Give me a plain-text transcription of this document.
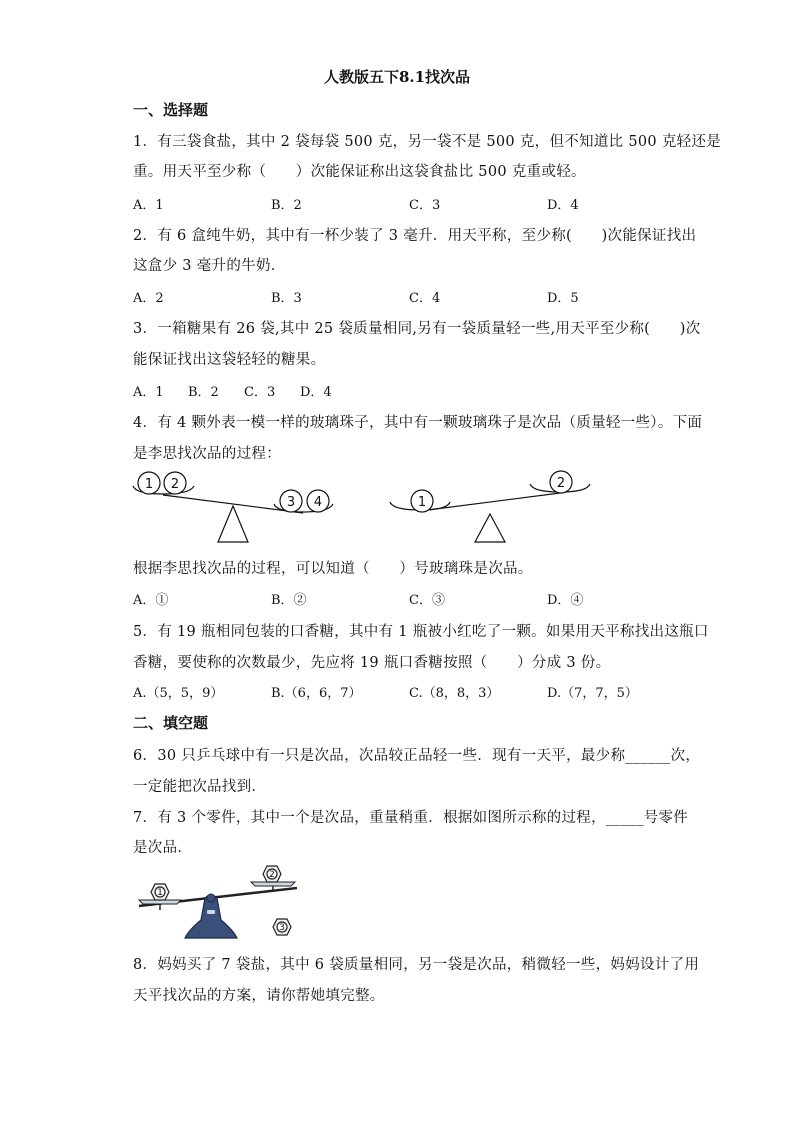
人教版五下8.1找次品
一、选择题
1．有三袋食盐，其中 2 袋每袋 500 克，另一袋不是 500 克，但不知道比 500 克轻还是
重。用天平至少称（　　）次能保证称出这袋食盐比 500 克重或轻。
A．1	B．2	C．3	D．4
2．有 6 盒纯牛奶，其中有一杯少装了 3 毫升．用天平称，至少称(　　)次能保证找出
这盒少 3 毫升的牛奶．
A．2	B．3	C．4	D．5
3．一箱糖果有 26 袋,其中 25 袋质量相同,另有一袋质量轻一些,用天平至少称(　　)次
能保证找出这袋轻轻的糖果。
A．1 B．2 C．3 D．4
4．有 4 颗外表一模一样的玻璃珠子，其中有一颗玻璃珠子是次品（质量轻一些）。下面
是李思找次品的过程：
1 2
3 4	1
2
根据李思找次品的过程，可以知道（　　）号玻璃珠是次品。
A．①	B．②	C．③	D．④
5．有 19 瓶相同包装的口香糖，其中有 1 瓶被小红吃了一颗。如果用天平称找出这瓶口
香糖，要使称的次数最少，先应将 19 瓶口香糖按照（　　）分成 3 份。
A.（5，5，9）	B.（6，6，7）	C.（8，8，3）	D.（7，7，5）
二、填空题
6．30 只乒乓球中有一只是次品，次品较正品轻一些．现有一天平，最少称______次，
一定能把次品找到．
7．有 3 个零件，其中一个是次品，重量稍重．根据如图所示称的过程，_____号零件
是次品．
1
2
3
8．妈妈买了 7 袋盐，其中 6 袋质量相同，另一袋是次品，稍微轻一些，妈妈设计了用
天平找次品的方案，请你帮她填完整。
